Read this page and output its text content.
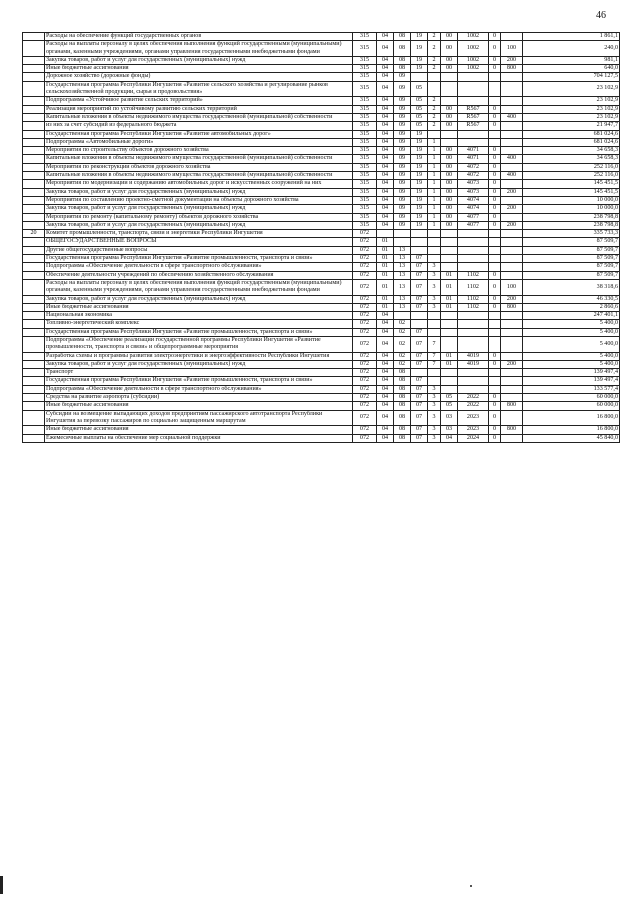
46
	Расходы на обеспечение функций государственных органов	315	04	08	19	2	00	1002	0		1 861,1
	Расходы на выплаты персоналу в целях обеспечения выполнения функций государственными (муниципальными) органами, казенными учреждениями, органами управления государственными внебюджетными фондами	315	04	08	19	2	00	1002	0	100	240,0
	Закупка товаров, работ и услуг для государственных (муниципальных) нужд	315	04	08	19	2	00	1002	0	200	981,1
	Иные бюджетные ассигнования	315	04	08	19	2	00	1002	0	800	640,0
	Дорожное хозяйство (дорожные фонды)	315	04	09							704 127,5
	Государственная программа Республики Ингушетия «Развитие сельского хозяйства и регулирование рынков сельскохозяйственной продукции, сырья и продовольствия»	315	04	09	05						23 102,9
	Подпрограмма «Устойчивое развитие сельских территорий»	315	04	09	05	2					23 102,9
	Реализация мероприятий по устойчивому развитию сельских территорий	315	04	09	05	2	00	R567	0		23 102,9
	Капитальные вложения в объекты недвижимого имущества государственной (муниципальной) собственности	315	04	09	05	2	00	R567	0	400	23 102,9
	из них за счет субсидий из федерального бюджета	315	04	09	05	2	00	R567	0		21 947,7
	Государственная программа Республики Ингушетия «Развитие автомобильных дорог»	315	04	09	19						681 024,6
	Подпрограмма «Автомобильные дороги»	315	04	09	19	1					681 024,6
	Мероприятия по строительству объектов дорожного хозяйства	315	04	09	19	1	00	4071	0		34 658,3
	Капитальные вложения в объекты недвижимого имущества государственной (муниципальной) собственности	315	04	09	19	1	00	4071	0	400	34 658,3
	Мероприятия по реконструкции объектов дорожного хозяйства	315	04	09	19	1	00	4072	0		252 116,0
	Капитальные вложения в объекты недвижимого имущества государственной (муниципальной) собственности	315	04	09	19	1	00	4072	0	400	252 116,0
	Мероприятия по модернизации и содержанию автомобильных дорог и искусственных сооружений на них	315	04	09	19	1	00	4073	0		145 451,5
	Закупка товаров, работ и услуг для государственных (муниципальных) нужд	315	04	09	19	1	00	4073	0	200	145 451,5
	Мероприятия по составлению проектно-сметной документации на объекты дорожного хозяйства	315	04	09	19	1	00	4074	0		10 000,0
	Закупка товаров, работ и услуг для государственных (муниципальных) нужд	315	04	09	19	1	00	4074	0	200	10 000,0
	Мероприятия по ремонту (капитальному ремонту) объектов дорожного хозяйства	315	04	09	19	1	00	4077	0		238 798,8
	Закупка товаров, работ и услуг для государственных (муниципальных) нужд	315	04	09	19	1	00	4077	0	200	238 798,8
20	Комитет промышленности, транспорта, связи и энергетики Республики Ингушетия	072									335 733,3
	ОБЩЕГОСУДАРСТВЕННЫЕ ВОПРОСЫ	072	01								87 509,7
	Другие общегосударственные вопросы	072	01	13							87 509,7
	Государственная программа Республики Ингушетия «Развитие промышленности, транспорта и связи»	072	01	13	07						87 509,7
	Подпрограмма «Обеспечение деятельности в сфере транспортного обслуживания»	072	01	13	07	3					87 509,7
	Обеспечение деятельности учреждений по обеспечению хозяйственного обслуживания	072	01	13	07	3	01	1102	0		87 509,7
	Расходы на выплаты персоналу в целях обеспечения выполнения функций государственными (муниципальными) органами, казенными учреждениями, органами управления государственными внебюджетными фондами	072	01	13	07	3	01	1102	0	100	38 318,6
	Закупка товаров, работ и услуг для государственных (муниципальных) нужд	072	01	13	07	3	01	1102	0	200	46 330,5
	Иные бюджетные ассигнования	072	01	13	07	3	01	1102	0	800	2 860,6
	Национальная экономика	072	04								247 401,1
	Топливно-энергетический комплекс	072	04	02							5 400,0
	Государственная программа Республики Ингушетия «Развитие промышленности, транспорта и связи»	072	04	02	07						5 400,0
	Подпрограмма «Обеспечение реализации государственной программы Республики Ингушетия «Развитие промышленности, транспорта и связи» и общепрограммные мероприятия	072	04	02	07	7					5 400,0
	Разработка схемы и программы развития электроэнергетики и энергоэффективности Республики Ингушетия	072	04	02	07	7	01	4019	0		5 400,0
	Закупка товаров, работ и услуг для государственных (муниципальных) нужд	072	04	02	07	7	01	4019	0	200	5 400,0
	Транспорт	072	04	08							139 497,4
	Государственная программа Республики Ингушетия «Развитие промышленности, транспорта и связи»	072	04	08	07						139 497,4
	Подпрограмма «Обеспечение деятельности в сфере транспортного обслуживания»	072	04	08	07	3					133 577,4
	Средства на развитие аэропорта (субсидии)	072	04	08	07	3	05	2022	0		60 000,0
	Иные бюджетные ассигнования	072	04	08	07	3	05	2022	0	800	60 000,0
	Субсидии на возмещение выпадающих доходов предприятиям пассажирского автотранспорта Республики Ингушетия за перевозку пассажиров по социально защищенным маршрутам	072	04	08	07	3	03	2023	0		16 800,0
	Иные бюджетные ассигнования	072	04	08	07	3	03	2023	0	800	16 800,0
	Ежемесячные выплаты на обеспечение мер социальной поддержки	072	04	08	07	3	04	2024	0		45 840,0
